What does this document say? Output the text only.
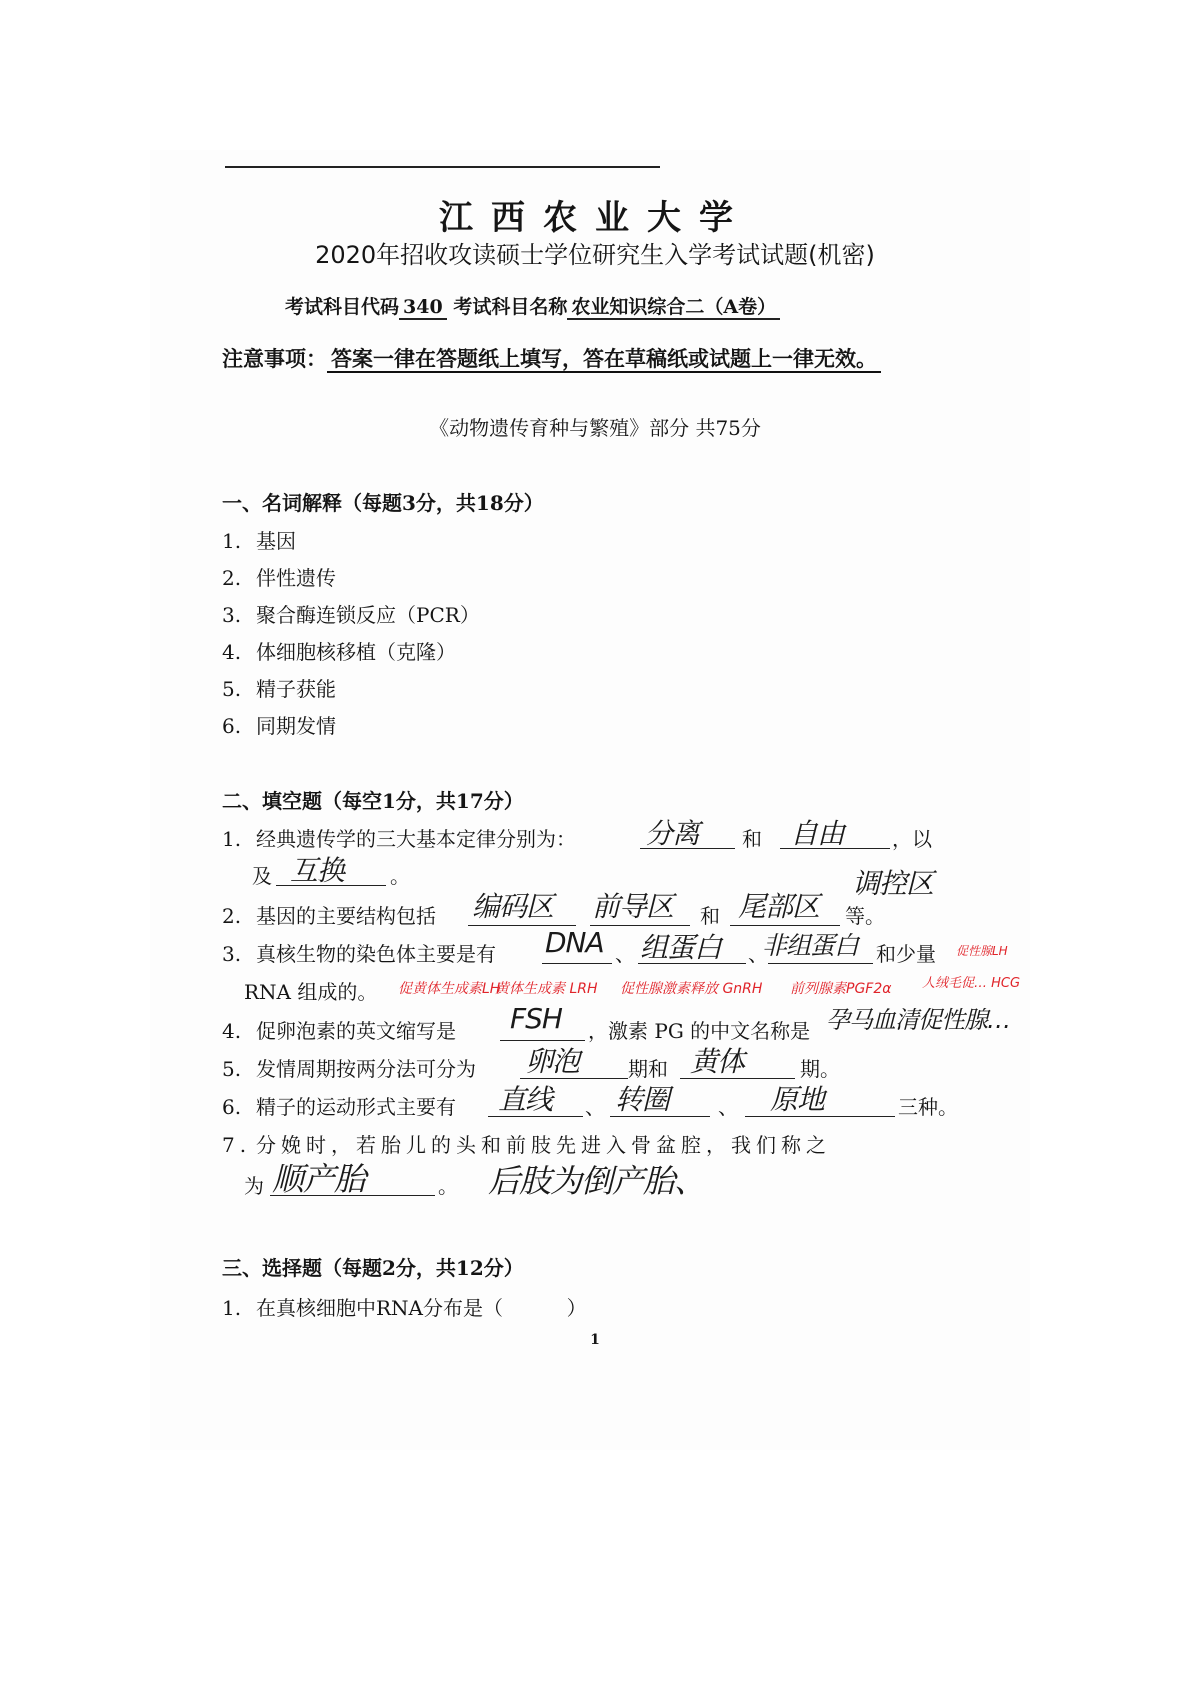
江西农业大学
2020年招收攻读硕士学位研究生入学考试试题(机密)
考试科目代码 340 考试科目名称 农业知识综合二（A卷）
注意事项： 答案一律在答题纸上填写，答在草稿纸或试题上一律无效。
《动物遗传育种与繁殖》部分 共75分
一、名词解释（每题3分，共18分）
1. 基因
2. 伴性遗传
3. 聚合酶连锁反应（PCR）
4. 体细胞核移植（克隆）
5. 精子获能
6. 同期发情
二、填空题（每空1分，共17分）
1. 经典遗传学的三大基本定律分别为： 分离 和 自由 ，以
及 互换 。
2. 基因的主要结构包括 编码区 前导区 和 尾部区
调控区
等。
3. 真核生物的染色体主要是有 DNA 、 组蛋白 、
非组蛋白 和少量 促性腺LH
RNA 组成的。 促黄体生成素LH
黄体生成素 LRH 促性腺激素释放 GnRH 前列腺素PGF2α 人绒毛促… HCG
4. 促卵泡素的英文缩写是 FSH ，激素 PG 的中文名称是 孕马血清促性腺…
5. 发情周期按两分法可分为 卵泡 期和 黄体	期。
6. 精子的运动形式主要有 直线 、 转圈 、 原地	三种。
7. 分娩时，若胎儿的头和前肢先进入骨盆腔，我们称之
为 顺产胎	。 后肢为倒产胎、
三、选择题（每题2分，共12分）
1. 在真核细胞中RNA分布是（          ）
1
